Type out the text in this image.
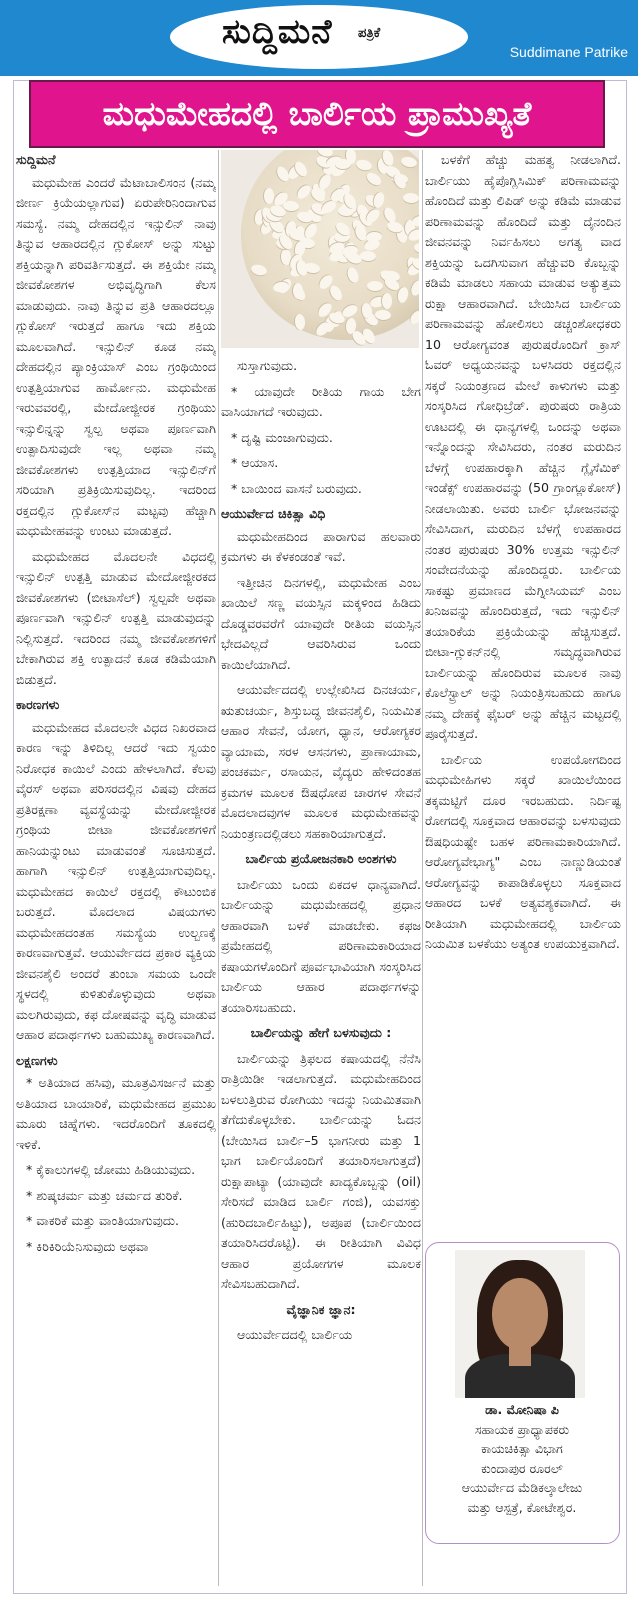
ಸುದ್ದಿಮನೆ ಪತ್ರಿಕೆ
Suddimane Patrike
ಮಧುಮೇಹದಲ್ಲಿ ಬಾರ್ಲಿಯ ಪ್ರಾಮುಖ್ಯತೆ

ಸುದ್ದಿಮನೆ

ಮಧುಮೇಹ ಎಂದರೆ ಮೆಟಾಬಾಲಿಸಂನ (ನಮ್ಮ ಜೀರ್ಣ ಕ್ರಿಯೆಯಲ್ಲಾಗುವ) ಏರುಪೇರಿನಿಂದಾಗುವ ಸಮಸ್ಯೆ. ನಮ್ಮ ದೇಹದಲ್ಲಿನ ಇನ್ಸುಲಿನ್ ನಾವು ತಿನ್ನುವ ಆಹಾರದಲ್ಲಿನ ಗ್ಲುಕೋಸ್ ಅನ್ನು ಸುಟ್ಟು ಶಕ್ತಿಯನ್ನಾಗಿ ಪರಿವರ್ತಿಸುತ್ತದೆ. ಈ ಶಕ್ತಿಯೇ ನಮ್ಮ ಜೀವಕೋಶಗಳ ಅಭಿವೃದ್ಧಿಗಾಗಿ ಕೆಲಸ ಮಾಡುವುದು. ನಾವು ತಿನ್ನುವ ಪ್ರತಿ ಆಹಾರದಲ್ಲೂ ಗ್ಲುಕೋಸ್ ಇರುತ್ತದೆ ಹಾಗೂ ಇದು ಶಕ್ತಿಯ ಮೂಲವಾಗಿದೆ. ಇನ್ಸುಲಿನ್ ಕೂಡ ನಮ್ಮ ದೇಹದಲ್ಲಿನ ಪ್ಯಾಂಕ್ರಿಯಾಸ್ ಎಂಬ ಗ್ರಂಥಿಯಿಂದ ಉತ್ಪತ್ತಿಯಾಗುವ ಹಾರ್ಮೋನು. ಮಧುಮೇಹ ಇರುವವರಲ್ಲಿ, ಮೇದೋಜ್ಜೀರಕ ಗ್ರಂಥಿಯು ಇನ್ಸುಲಿನ್ನನ್ನು ಸ್ವಲ್ಪ ಅಥವಾ ಪೂರ್ಣವಾಗಿ ಉತ್ಪಾದಿಸುವುದೇ ಇಲ್ಲ ಅಥವಾ ನಮ್ಮ ಜೀವಕೋಶಗಳು ಉತ್ಪತ್ತಿಯಾದ ಇನ್ಸುಲಿನ್‌ಗೆ ಸರಿಯಾಗಿ ಪ್ರತಿಕ್ರಿಯಿಸುವುದಿಲ್ಲ. ಇದರಿಂದ ರಕ್ತದಲ್ಲಿನ ಗ್ಲುಕೋಸ್‌ನ ಮಟ್ಟವು ಹೆಚ್ಚಾಗಿ ಮಧುಮೇಹವನ್ನು ಉಂಟು ಮಾಡುತ್ತದೆ.

ಮಧುಮೇಹದ ಮೊದಲನೇ ವಿಧದಲ್ಲಿ ಇನ್ಸುಲಿನ್ ಉತ್ಪತ್ತಿ ಮಾಡುವ ಮೇದೋಜ್ಜೀರಕದ ಜೀವಕೋಶಗಳು (ಬೀಟಾಸೆಲ್) ಸ್ವಲ್ಪವೇ ಅಥವಾ ಪೂರ್ಣವಾಗಿ ಇನ್ಸುಲಿನ್ ಉತ್ಪತ್ತಿ ಮಾಡುವುದನ್ನು ನಿಲ್ಲಿಸುತ್ತದೆ. ಇದರಿಂದ ನಮ್ಮ ಜೀವಕೋಶಗಳಿಗೆ ಬೇಕಾಗಿರುವ ಶಕ್ತಿ ಉತ್ಪಾದನೆ ಕೂಡ ಕಡಿಮೆಯಾಗಿ ಬಿಡುತ್ತದೆ.

ಕಾರಣಗಳು

ಮಧುಮೇಹದ ಮೊದಲನೇ ವಿಧದ ನಿಖರವಾದ ಕಾರಣ ಇನ್ನು ತಿಳಿದಿಲ್ಲ ಆದರೆ ಇದು ಸ್ವಯಂ ನಿರೋಧಕ ಕಾಯಿಲೆ ಎಂದು ಹೇಳಲಾಗಿದೆ. ಕೆಲವು ವೈರಸ್ ಅಥವಾ ಪರಿಸರದಲ್ಲಿನ ವಿಷವು ದೇಹದ ಪ್ರತಿರಕ್ಷಣಾ ವ್ಯವಸ್ಥೆಯನ್ನು ಮೇದೋಜ್ಜೀರಕ ಗ್ರಂಥಿಯ ಬೀಟಾ ಜೀವಕೋಶಗಳಿಗೆ ಹಾನಿಯನ್ನುಂಟು ಮಾಡುವಂತೆ ಸೂಚಿಸುತ್ತದೆ. ಹಾಗಾಗಿ ಇನ್ಸುಲಿನ್ ಉತ್ಪತ್ತಿಯಾಗುವುದಿಲ್ಲ. ಮಧುಮೇಹದ ಕಾಯಿಲೆ ರಕ್ತದಲ್ಲಿ ಕೌಟುಂಬಿಕ ಬರುತ್ತದೆ. ಮೊದಲಾದ ವಿಷಯಗಳು ಮಧುಮೇಹದಂತಹ ಸಮಸ್ಯೆಯ ಉಲ್ಬಣಕ್ಕೆ ಕಾರಣವಾಗುತ್ತವೆ. ಆಯುರ್ವೇದದ ಪ್ರಕಾರ ವ್ಯಕ್ತಿಯ ಜೀವನಶೈಲಿ ಅಂದರೆ ತುಂಬಾ ಸಮಯ ಒಂದೇ ಸ್ಥಳದಲ್ಲಿ ಕುಳಿತುಕೊಳ್ಳುವುದು ಅಥವಾ ಮಲಗಿರುವುದು, ಕಫ ದೋಷವನ್ನು ವೃದ್ಧಿ ಮಾಡುವ ಆಹಾರ ಪದಾರ್ಥಗಳು ಬಹುಮುಖ್ಯ ಕಾರಣವಾಗಿದೆ.

ಲಕ್ಷಣಗಳು

* ಅತಿಯಾದ ಹಸಿವು, ಮೂತ್ರವಿಸರ್ಜನೆ ಮತ್ತು ಅತಿಯಾದ ಬಾಯಾರಿಕೆ, ಮಧುಮೇಹದ ಪ್ರಮುಖ ಮೂರು ಚಿಹ್ನೆಗಳು. ಇದರೊಂದಿಗೆ ತೂಕದಲ್ಲಿ ಇಳಿಕೆ.

* ಕೈಕಾಲುಗಳಲ್ಲಿ ಜೋಮು ಹಿಡಿಯುವುದು.

* ಶುಷ್ಕಚರ್ಮ ಮತ್ತು ಚರ್ಮದ ತುರಿಕೆ.

* ವಾಕರಿಕೆ ಮತ್ತು ವಾಂತಿಯಾಗುವುದು.

* ಕಿರಿಕಿರಿಯೆನಿಸುವುದು ಅಥವಾ

ಸುಸ್ತಾಗುವುದು.

* ಯಾವುದೇ ರೀತಿಯ ಗಾಯ ಬೇಗ ವಾಸಿಯಾಗದೆ ಇರುವುದು.

* ದೃಷ್ಟಿ ಮಂಜಾಗುವುದು.

* ಆಯಾಸ.

* ಬಾಯಿಂದ ವಾಸನೆ ಬರುವುದು.

ಆಯುರ್ವೇದ ಚಿಕಿತ್ಸಾ ವಿಧಿ

ಮಧುಮೇಹದಿಂದ ಪಾರಾಗುವ ಹಲವಾರು ಕ್ರಮಗಳು ಈ ಕೆಳಕಂಡಂತೆ ಇವೆ.

ಇತ್ತೀಚಿನ ದಿನಗಳಲ್ಲಿ, ಮಧುಮೇಹ ಎಂಬ ಖಾಯಿಲೆ ಸಣ್ಣ ವಯಸ್ಸಿನ ಮಕ್ಕಳಿಂದ ಹಿಡಿದು ದೊಡ್ಡವರವರೆಗೆ ಯಾವುದೇ ರೀತಿಯ ವಯಸ್ಸಿನ ಭೇದವಿಲ್ಲದೆ ಆವರಿಸಿರುವ ಒಂದು ಕಾಯಿಲೆಯಾಗಿದೆ.

ಆಯುರ್ವೇದದಲ್ಲಿ ಉಲ್ಲೇಖಿಸಿದ ದಿನಚರ್ಯ, ಋತುಚರ್ಯ, ಶಿಸ್ತುಬದ್ಧ ಜೀವನಶೈಲಿ, ನಿಯಮಿತ ಆಹಾರ ಸೇವನೆ, ಯೋಗ, ಧ್ಯಾನ, ಆರೋಗ್ಯಕರ ವ್ಯಾಯಾಮ, ಸರಳ ಆಸನಗಳು, ಪ್ರಾಣಾಯಾಮ, ಪಂಚಕರ್ಮ, ರಸಾಯನ, ವೈದ್ಯರು ಹೇಳಿದಂತಹ ಕ್ರಮಗಳ ಮೂಲಕ ಔಷಧೋಪ ಚಾರಗಳ ಸೇವನೆ ಮೊದಲಾದವುಗಳ ಮೂಲಕ ಮಧುಮೇಹವನ್ನು ನಿಯಂತ್ರಣದಲ್ಲಿಡಲು ಸಹಕಾರಿಯಾಗುತ್ತದೆ.

ಬಾರ್ಲಿಯ ಪ್ರಯೋಜನಕಾರಿ ಅಂಶಗಳು

ಬಾರ್ಲಿಯು ಒಂದು ಏಕದಳ ಧಾನ್ಯವಾಗಿದೆ. ಬಾರ್ಲಿಯನ್ನು ಮಧುಮೇಹದಲ್ಲಿ ಪ್ರಧಾನ ಆಹಾರವಾಗಿ ಬಳಕೆ ಮಾಡಬೇಕು. ಕಫಜ ಪ್ರಮೇಹದಲ್ಲಿ ಪರಿಣಾಮಕಾರಿಯಾದ ಕಷಾಯಗಳೊಂದಿಗೆ ಪೂರ್ವಭಾವಿಯಾಗಿ ಸಂಸ್ಕರಿಸಿದ ಬಾರ್ಲಿಯ ಆಹಾರ ಪದಾರ್ಥಗಳನ್ನು ತಯಾರಿಸಬಹುದು.

ಬಾರ್ಲಿಯನ್ನು ಹೇಗೆ ಬಳಸುವುದು :

ಬಾರ್ಲಿಯನ್ನು ತ್ರಿಫಲದ ಕಷಾಯದಲ್ಲಿ ನೆನೆಸಿ ರಾತ್ರಿಯಿಡೀ ಇಡಲಾಗುತ್ತದೆ. ಮಧುಮೇಹದಿಂದ ಬಳಲುತ್ತಿರುವ ರೋಗಿಯು ಇದನ್ನು ನಿಯಮಿತವಾಗಿ ತೆಗೆದುಕೊಳ್ಳಬೇಕು. ಬಾರ್ಲಿಯನ್ನು ಓದನ (ಬೇಯಿಸಿದ ಬಾರ್ಲಿ–5 ಭಾಗನೀರು ಮತ್ತು 1 ಭಾಗ ಬಾರ್ಲಿಯೊಂದಿಗೆ ತಯಾರಿಸಲಾಗುತ್ತದೆ) ರುಕ್ಷಾಪಾಟ್ಯಾ (ಯಾವುದೇ ಖಾದ್ಯಕೊಬ್ಬನ್ನು (oil) ಸೇರಿಸದೆ ಮಾಡಿದ ಬಾರ್ಲಿ ಗಂಜಿ), ಯವಸಕ್ತು (ಹುರಿದಬಾರ್ಲಿಹಿಟ್ಟು), ಅಪೂಪ (ಬಾರ್ಲಿಯಿಂದ ತಯಾರಿಸಿದರೊಟ್ಟಿ). ಈ ರೀತಿಯಾಗಿ ವಿವಿಧ ಆಹಾರ ಪ್ರಯೋಗಗಳ ಮೂಲಕ ಸೇವಿಸಬಹುದಾಗಿದೆ.

ವೈಜ್ಞಾನಿಕ ಜ್ಞಾನ:

ಆಯುರ್ವೇದದಲ್ಲಿ ಬಾರ್ಲಿಯ

ಬಳಕೆಗೆ ಹೆಚ್ಚು ಮಹತ್ವ ನೀಡಲಾಗಿದೆ. ಬಾರ್ಲಿಯು ಹೈಪೊಗ್ಲಿಸಿಮಿಕ್ ಪರಿಣಾಮವನ್ನು ಹೊಂದಿದೆ ಮತ್ತು ಲಿಪಿಡ್ ಅನ್ನು ಕಡಿಮೆ ಮಾಡುವ ಪರಿಣಾಮವನ್ನು ಹೊಂದಿದೆ ಮತ್ತು ದೈನಂದಿನ ಜೀವನವನ್ನು ನಿರ್ವಹಿಸಲು ಅಗತ್ಯ ವಾದ ಶಕ್ತಿಯನ್ನು ಒದಗಿಸುವಾಗ ಹೆಚ್ಚುವರಿ ಕೊಬ್ಬನ್ನು ಕಡಿಮೆ ಮಾಡಲು ಸಹಾಯ ಮಾಡುವ ಅತ್ಯುತ್ತಮ ರುಕ್ಷಾ ಆಹಾರವಾಗಿದೆ. ಬೇಯಿಸಿದ ಬಾರ್ಲಿಯ ಪರಿಣಾಮವನ್ನು ಹೋಲಿಸಲು ಡಚ್ಚಂಶೋಧಕರು 10 ಆರೋಗ್ಯವಂತ ಪುರುಷರೊಂದಿಗೆ ಕ್ರಾಸ್ ಓವರ್ ಅಧ್ಯಯನವನ್ನು ಬಳಸಿದರು ರಕ್ತದಲ್ಲಿನ ಸಕ್ಕರೆ ನಿಯಂತ್ರಣದ ಮೇಲೆ ಕಾಳುಗಳು ಮತ್ತು ಸಂಸ್ಕರಿಸಿದ ಗೋಧಿಬ್ರೆಡ್. ಪುರುಷರು ರಾತ್ರಿಯ ಊಟದಲ್ಲಿ ಈ ಧಾನ್ಯಗಳಲ್ಲಿ ಒಂದನ್ನು ಅಥವಾ ಇನ್ನೊಂದನ್ನು ಸೇವಿಸಿದರು, ನಂತರ ಮರುದಿನ ಬೆಳಗ್ಗೆ ಉಪಹಾರಕ್ಕಾಗಿ ಹೆಚ್ಚಿನ ಗ್ಲೈಸೆಮಿಕ್ ಇಂಡೆಕ್ಸ್ ಉಪಹಾರವನ್ನು (50 ಗ್ರಾಂಗ್ಲೂಕೋಸ್) ನೀಡಲಾಯಿತು. ಅವರು ಬಾರ್ಲಿ ಭೋಜನವನ್ನು ಸೇವಿಸಿದಾಗ, ಮರುದಿನ ಬೆಳಗ್ಗೆ ಉಪಹಾರದ ನಂತರ ಪುರುಷರು 30% ಉತ್ತಮ ಇನ್ಸುಲಿನ್ ಸಂವೇದನೆಯನ್ನು ಹೊಂದಿದ್ದರು. ಬಾರ್ಲಿಯ ಸಾಕಷ್ಟು ಪ್ರಮಾಣದ ಮೆಗ್ನೀಸಿಯಮ್ ಎಂಬ ಖನಿಜವನ್ನು ಹೊಂದಿರುತ್ತದೆ, ಇದು ಇನ್ಸುಲಿನ್ ತಯಾರಿಕೆಯ ಪ್ರಕ್ರಿಯೆಯನ್ನು ಹೆಚ್ಚಿಸುತ್ತದೆ. ಬೀಟಾ-ಗ್ಲುಕನ್‌ನಲ್ಲಿ ಸಮೃದ್ಧವಾಗಿರುವ ಬಾರ್ಲಿಯನ್ನು ಹೊಂದಿರುವ ಮೂಲಕ ನಾವು ಕೊಲೆಸ್ಟ್ರಾಲ್ ಅನ್ನು ನಿಯಂತ್ರಿಸಬಹುದು ಹಾಗೂ ನಮ್ಮ ದೇಹಕ್ಕೆ ಫೈಬರ್ ಅನ್ನು ಹೆಚ್ಚಿನ ಮಟ್ಟದಲ್ಲಿ ಪೂರೈಸುತ್ತದೆ.

ಬಾರ್ಲಿಯ ಉಪಯೋಗದಿಂದ ಮಧುಮೇಹಿಗಳು ಸಕ್ಕರೆ ಖಾಯಿಲೆಯಿಂದ ತಕ್ಕಮಟ್ಟಿಗೆ ದೂರ ಇರಬಹುದು. ನಿರ್ದಿಷ್ಟ ರೋಗದಲ್ಲಿ ಸೂಕ್ತವಾದ ಆಹಾರವನ್ನು ಬಳಸುವುದು ಔಷಧಿಯಷ್ಟೇ ಬಹಳ ಪರಿಣಾಮಕಾರಿಯಾಗಿದೆ. ಆರೋಗ್ಯವೇಭಾಗ್ಯ" ಎಂಬ ನಾಣ್ಣುಡಿಯಂತೆ ಆರೋಗ್ಯವನ್ನು ಕಾಪಾಡಿಕೊಳ್ಳಲು ಸೂಕ್ತವಾದ ಆಹಾರದ ಬಳಕೆ ಅತ್ಯವಶ್ಯಕವಾಗಿದೆ. ಈ ರೀತಿಯಾಗಿ ಮಧುಮೇಹದಲ್ಲಿ ಬಾರ್ಲಿಯ ನಿಯಮಿತ ಬಳಕೆಯು ಅತ್ಯಂತ ಉಪಯುಕ್ತವಾಗಿದೆ.

ಡಾ. ಮೋನಿಷಾ ಪಿ
ಸಹಾಯಕ ಪ್ರಾಧ್ಯಾಪಕರು
ಕಾಯಚಿಕಿತ್ಸಾ ವಿಭಾಗ
ಕುಂದಾಪುರ ರೂರಲ್
ಆಯುರ್ವೇದ ಮೆಡಿಕಲ್ಕಾಲೇಜು
ಮತ್ತು ಆಸ್ಪತ್ರೆ, ಕೋಟೇಶ್ವರ.
